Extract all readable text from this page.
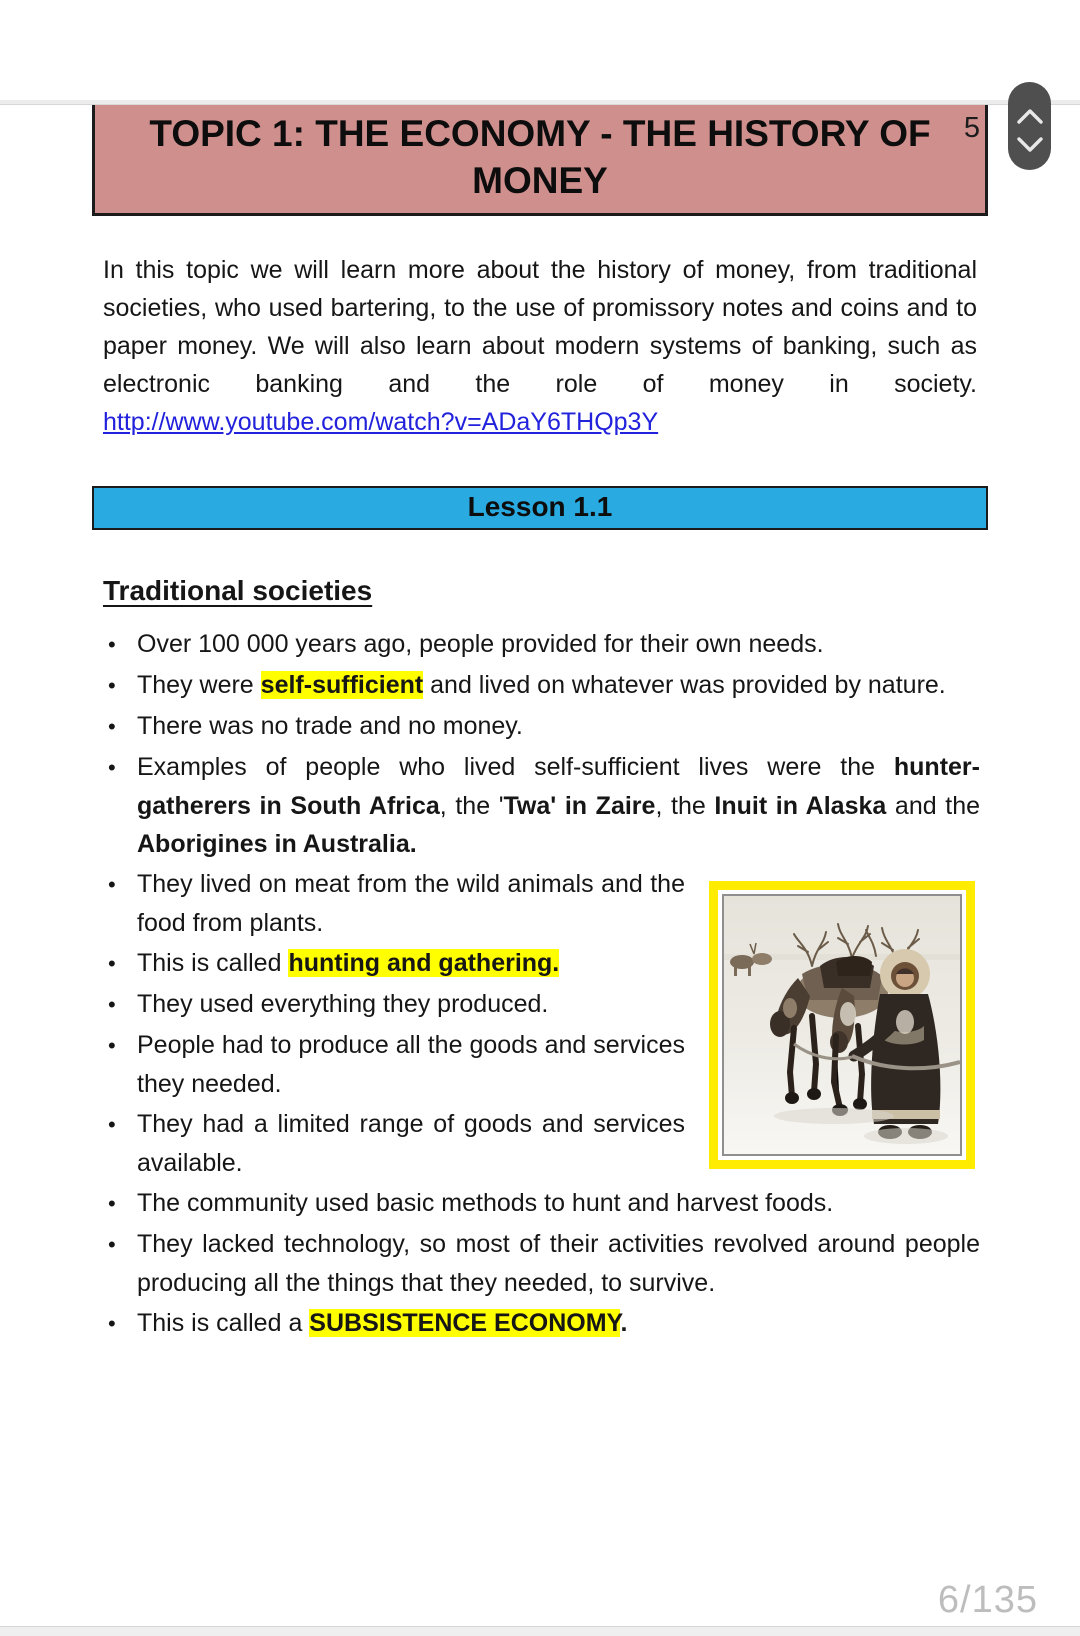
5
TOPIC 1: THE ECONOMY - THE HISTORY OF MONEY

In this topic we will learn more about the history of money, from traditional societies, who used bartering, to the use of promissory notes and coins and to paper money. We will also learn about modern systems of banking, such as electronic banking and the role of money in society. http://www.youtube.com/watch?v=ADaY6THQp3Y

Lesson 1.1
Traditional societies
• Over 100 000 years ago, people provided for their own needs.
• They were self-sufficient and lived on whatever was provided by nature.
• There was no trade and no money.
• Examples of people who lived self-sufficient lives were the hunter-gatherers in South Africa, the 'Twa' in Zaire, the Inuit in Alaska and the Aborigines in Australia.
• They lived on meat from the wild animals and the food from plants.
• This is called hunting and gathering.
• They used everything they produced.
• People had to produce all the goods and services they needed.
• They had a limited range of goods and services available.
• The community used basic methods to hunt and harvest foods.
• They lacked technology, so most of their activities revolved around people producing all the things that they needed, to survive.
• This is called a SUBSISTENCE ECONOMY.
6/135
